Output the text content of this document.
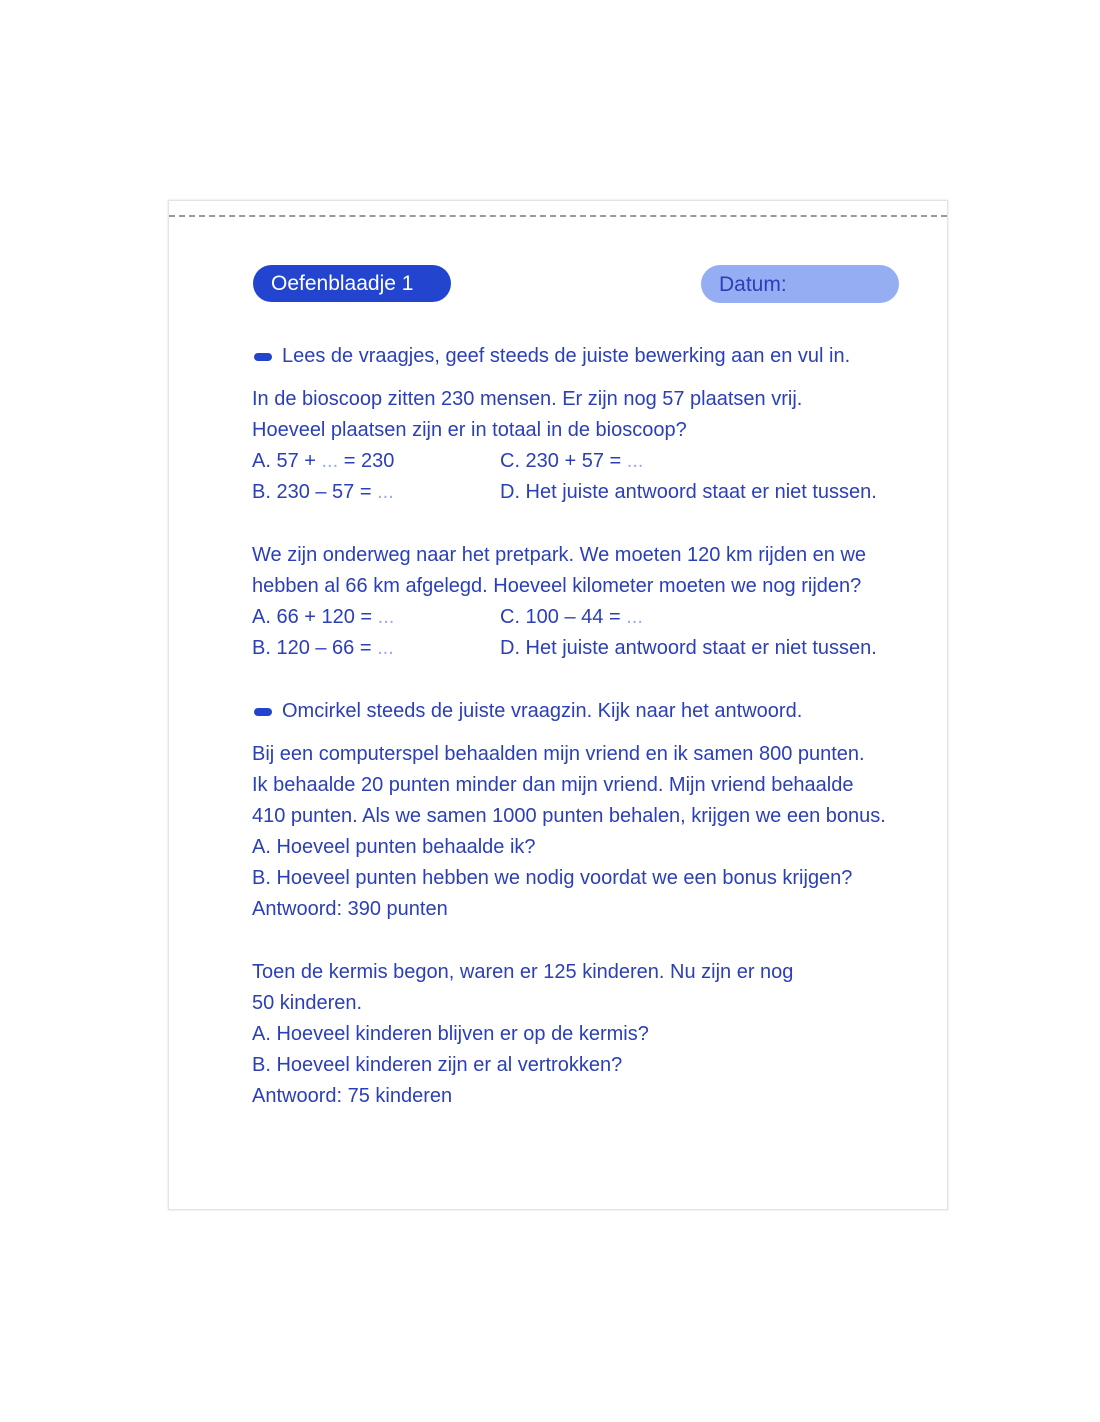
Oefenblaadje 1	Datum:
Lees de vraagjes, geef steeds de juiste bewerking aan en vul in.
In de bioscoop zitten 230 mensen. Er zijn nog 57 plaatsen vrij.
Hoeveel plaatsen zijn er in totaal in de bioscoop?
A. 57 + ... = 230	C. 230 + 57 = ...
B. 230 – 57 = ...	D. Het juiste antwoord staat er niet tussen.
We zijn onderweg naar het pretpark. We moeten 120 km rijden en we
hebben al 66 km afgelegd. Hoeveel kilometer moeten we nog rijden?
A. 66 + 120 = ...	C. 100 – 44 = ...
B. 120 – 66 = ...	D. Het juiste antwoord staat er niet tussen.
Omcirkel steeds de juiste vraagzin. Kijk naar het antwoord.
Bij een computerspel behaalden mijn vriend en ik samen 800 punten.
Ik behaalde 20 punten minder dan mijn vriend. Mijn vriend behaalde
410 punten. Als we samen 1000 punten behalen, krijgen we een bonus.
A. Hoeveel punten behaalde ik?
B. Hoeveel punten hebben we nodig voordat we een bonus krijgen?
Antwoord: 390 punten
Toen de kermis begon, waren er 125 kinderen. Nu zijn er nog
50 kinderen.
A. Hoeveel kinderen blijven er op de kermis?
B. Hoeveel kinderen zijn er al vertrokken?
Antwoord: 75 kinderen
